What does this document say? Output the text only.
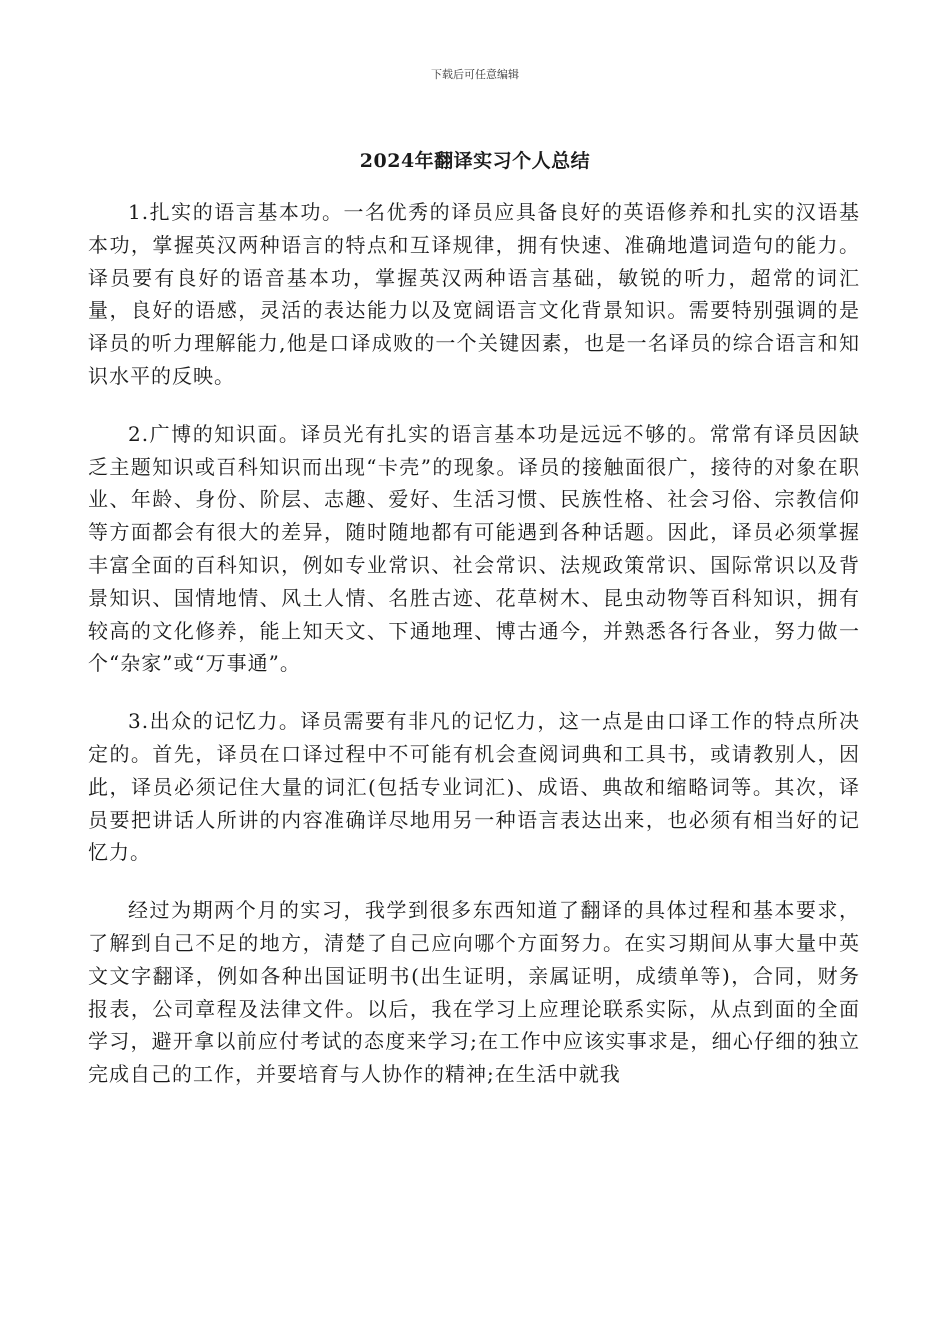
下载后可任意编辑
2024年翻译实习个人总结

1.扎实的语言基本功。一名优秀的译员应具备良好的英语修养和扎实的汉语基本功，掌握英汉两种语言的特点和互译规律，拥有快速、准确地遣词造句的能力。译员要有良好的语音基本功，掌握英汉两种语言基础，敏锐的听力，超常的词汇量，良好的语感，灵活的表达能力以及宽阔语言文化背景知识。需要特别强调的是译员的听力理解能力,他是口译成败的一个关键因素，也是一名译员的综合语言和知识水平的反映。

2.广博的知识面。译员光有扎实的语言基本功是远远不够的。常常有译员因缺乏主题知识或百科知识而出现“卡壳”的现象。译员的接触面很广，接待的对象在职业、年龄、身份、阶层、志趣、爱好、生活习惯、民族性格、社会习俗、宗教信仰等方面都会有很大的差异，随时随地都有可能遇到各种话题。因此，译员必须掌握丰富全面的百科知识，例如专业常识、社会常识、法规政策常识、国际常识以及背景知识、国情地情、风土人情、名胜古迹、花草树木、昆虫动物等百科知识，拥有较高的文化修养，能上知天文、下通地理、博古通今，并熟悉各行各业，努力做一个“杂家”或“万事通”。

3.出众的记忆力。译员需要有非凡的记忆力，这一点是由口译工作的特点所决定的。首先，译员在口译过程中不可能有机会查阅词典和工具书，或请教别人，因此，译员必须记住大量的词汇(包括专业词汇)、成语、典故和缩略词等。其次，译员要把讲话人所讲的内容准确详尽地用另一种语言表达出来，也必须有相当好的记忆力。

经过为期两个月的实习，我学到很多东西知道了翻译的具体过程和基本要求，了解到自己不足的地方，清楚了自己应向哪个方面努力。在实习期间从事大量中英文文字翻译，例如各种出国证明书(出生证明，亲属证明，成绩单等)，合同，财务报表，公司章程及法律文件。以后，我在学习上应理论联系实际，从点到面的全面学习，避开拿以前应付考试的态度来学习;在工作中应该实事求是，细心仔细的独立完成自己的工作，并要培育与人协作的精神;在生活中就我
